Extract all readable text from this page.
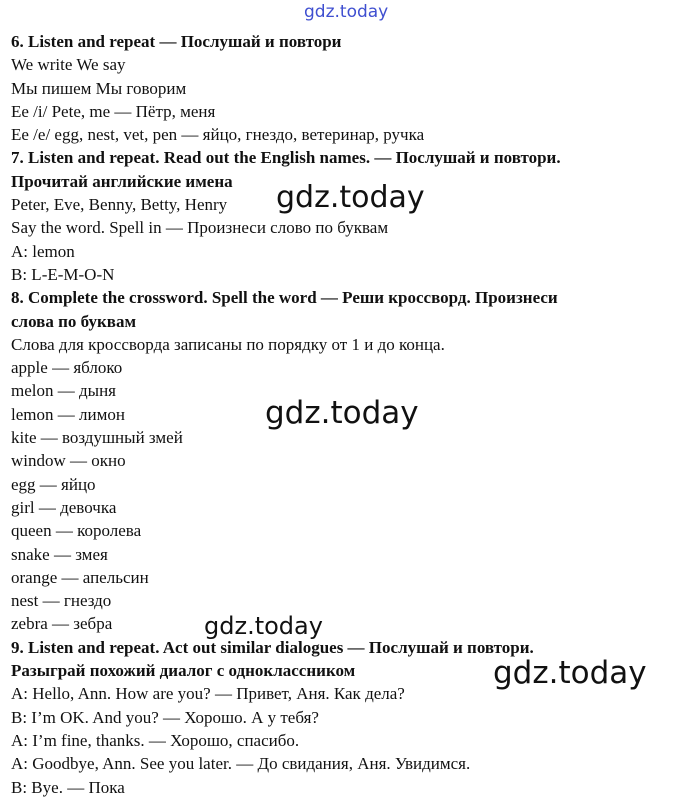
gdz.today
gdz.today
gdz.today
gdz.today
gdz.today
6. Listen and repeat — Послушай и повтори
We write We say
Мы пишем Мы говорим
Ee /i/ Pete, me — Пётр, меня
Ee /e/ egg, nest, vet, pen — яйцо, гнездо, ветеринар, ручка
7. Listen and repeat. Read out the English names. — Послушай и повтори.
Прочитай английские имена
Peter, Eve, Benny, Betty, Henry
Say the word. Spell in — Произнеси слово по буквам
A: lemon
B: L-E-M-O-N
8. Complete the crossword. Spell the word — Реши кроссворд. Произнеси
слова по буквам
Слова для кроссворда записаны по порядку от 1 и до конца.
apple — яблоко
melon — дыня
lemon — лимон
kite — воздушный змей
window — окно
egg — яйцо
girl — девочка
queen — королева
snake — змея
orange — апельсин
nest — гнездо
zebra — зебра
9. Listen and repeat. Act out similar dialogues — Послушай и повтори.
Разыграй похожий диалог с одноклассником
A: Hello, Ann. How are you? — Привет, Аня. Как дела?
B: I’m OK. And you? — Хорошо. А у тебя?
A: I’m fine, thanks. — Хорошо, спасибо.
A: Goodbye, Ann. See you later. — До свидания, Аня. Увидимся.
B: Bye. — Пока
